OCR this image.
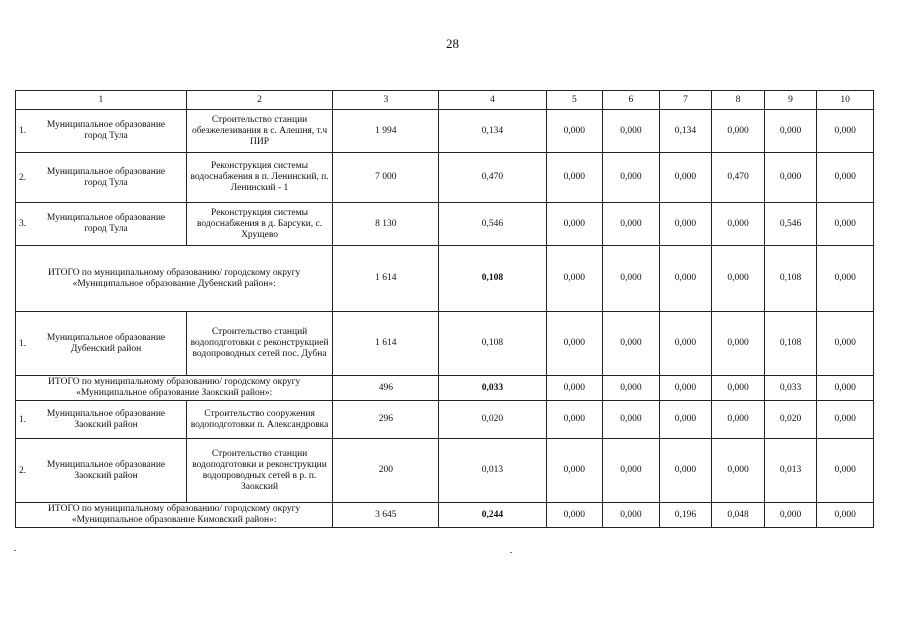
28
1	2	3	4	5	6	7	8	9	10
1.Муниципальное образование город Тула	Строительство станции обезжелезивания в с. Алешня, т.ч ПИР	1 994	0,134	0,000	0,000	0,134	0,000	0,000	0,000
2.Муниципальное образование город Тула	Реконструкция системы водоснабжения в п. Ленинский, п. Ленинский - 1	7 000	0,470	0,000	0,000	0,000	0,470	0,000	0,000
3.Муниципальное образование город Тула	Реконструкция системы водоснабжения в д. Барсуки, с. Хрущево	8 130	0,546	0,000	0,000	0,000	0,000	0,546	0,000
ИТОГО по муниципальному образованию/ городскому округу «Муниципальное образование Дубенский район»:		1 614	0,108	0,000	0,000	0,000	0,000	0,108	0,000
1.Муниципальное образование Дубенский район	Строительство станций водоподготовки с реконструкцией водопроводных сетей пос. Дубна	1 614	0,108	0,000	0,000	0,000	0,000	0,108	0,000
ИТОГО по муниципальному образованию/ городскому округу «Муниципальное образование Заокский район»:		496	0,033	0,000	0,000	0,000	0,000	0,033	0,000
1.Муниципальное образование Заокский район	Строительство сооружения водоподготовки п. Александровка	296	0,020	0,000	0,000	0,000	0,000	0,020	0,000
2.Муниципальное образование Заокский район	Строительство станции водоподготовки и реконструкции водопроводных сетей в р. п. Заокский	200	0,013	0,000	0,000	0,000	0,000	0,013	0,000
ИТОГО по муниципальному образованию/ городскому округу «Муниципальное образование Кимовский район»:		3 645	0,244	0,000	0,000	0,196	0,048	0,000	0,000
